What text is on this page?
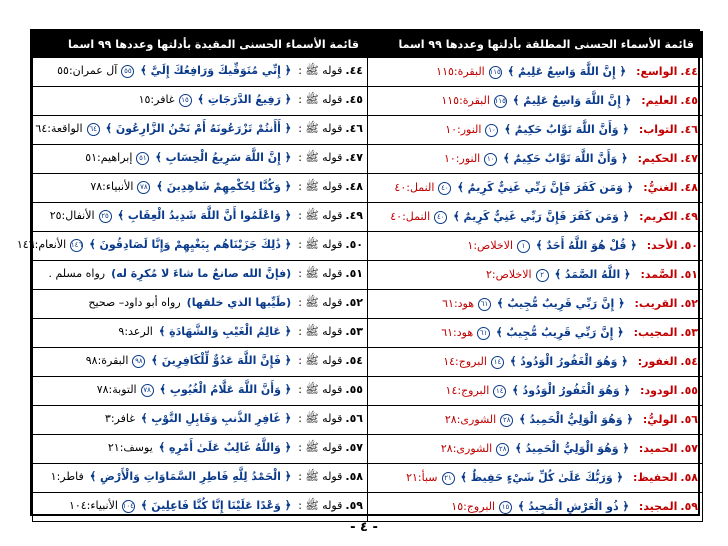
قائمة الأسماء الحسنى المطلقة بأدلتها وعددها ٩٩ اسما	قائمة الأسماء الحسنى المقيدة بأدلتها وعددها ٩٩ اسما
٤٤.الواسع:﴿ إِنَّ اللَّهَ وَاسِعٌ عَلِيمٌ ﴾١١٥البقرة:١١٥	٤٤.قوله ﷺ :﴿ إِنِّي مُتَوَفِّيكَ وَرَافِعُكَ إِلَيَّ ﴾٥٥آل عمران:٥٥
٤٥.العليم:﴿ إِنَّ اللَّهَ وَاسِعٌ عَلِيمٌ ﴾١١٥البقرة:١١٥	٤٥.قوله ﷺ :﴿ رَفِيعُ الدَّرَجَاتِ ﴾١٥غافر:١٥
٤٦.التواب:﴿ وَأَنَّ اللَّهَ تَوَّابٌ حَكِيمٌ ﴾١٠النور:١٠	٤٦.قوله ﷺ :﴿ أَأَنتُمْ تَزْرَعُونَهُ أَمْ نَحْنُ الزَّارِعُونَ ﴾٦٤الواقعة:٦٤
٤٧.الحكيم:﴿ وَأَنَّ اللَّهَ تَوَّابٌ حَكِيمٌ ﴾١٠النور:١٠	٤٧.قوله ﷺ :﴿ إِنَّ اللَّهَ سَرِيعُ الْحِسَابِ ﴾٥١إبراهيم:٥١
٤٨.الغنيُّ:﴿ وَمَن كَفَرَ فَإِنَّ رَبِّي غَنِيٌّ كَرِيمٌ ﴾٤٠النمل:٤٠	٤٨.قوله ﷺ :﴿ وَكُنَّا لِحُكْمِهِمْ شَاهِدِينَ ﴾٧٨الأنبياء:٧٨
٤٩.الكريم:﴿ وَمَن كَفَرَ فَإِنَّ رَبِّي غَنِيٌّ كَرِيمٌ ﴾٤٠النمل:٤٠	٤٩.قوله ﷺ :﴿ وَاعْلَمُوا أَنَّ اللَّهَ شَدِيدُ الْعِقَابِ ﴾٢٥الأنفال:٢٥
٥٠.الأحد:﴿ قُلْ هُوَ اللَّهُ أَحَدٌ ﴾١الاخلاص:١	٥٠.قوله ﷺ :﴿ ذَٰلِكَ جَزَيْنَاهُم بِبَغْيِهِمْ وَإِنَّا لَصَادِقُونَ ﴾١٤٦الأنعام:١٤٦
٥١.الصَّمد:﴿ اللَّهُ الصَّمَدُ ﴾٢الاخلاص:٢	٥١.قوله ﷺ :(فإنَّ الله صانعٌ ما شاءَ لا مُكرِهَ له)رواه مسلم .
٥٢.القريب:﴿ إِنَّ رَبِّي قَرِيبٌ مُّجِيبٌ ﴾٦١هود:٦١	٥٢.قوله ﷺ :(طَيِّبها الذي خلقها)رواه أبو داود– صحيح
٥٣.المجيب:﴿ إِنَّ رَبِّي قَرِيبٌ مُّجِيبٌ ﴾٦١هود:٦١	٥٣.قوله ﷺ :﴿ عَالِمُ الْغَيْبِ وَالشَّهَادَةِ ﴾الرعد:٩
٥٤.الغفور:﴿ وَهُوَ الْغَفُورُ الْوَدُودُ ﴾١٤البروج:١٤	٥٤.قوله ﷺ :﴿ فَإِنَّ اللَّهَ عَدُوٌّ لِّلْكَافِرِينَ ﴾٩٨البقرة:٩٨
٥٥.الودود:﴿ وَهُوَ الْغَفُورُ الْوَدُودُ ﴾١٤البروج:١٤	٥٥.قوله ﷺ :﴿ وَأَنَّ اللَّهَ عَلَّامُ الْغُيُوبِ ﴾٧٨التوبة:٧٨
٥٦.الوليُّ:﴿ وَهُوَ الْوَلِيُّ الْحَمِيدُ ﴾٢٨الشورى:٢٨	٥٦.قوله ﷺ :﴿ غَافِرِ الذَّنبِ وَقَابِلِ التَّوْبِ ﴾غافر:٣
٥٧.الحميد:﴿ وَهُوَ الْوَلِيُّ الْحَمِيدُ ﴾٢٨الشورى:٢٨	٥٧.قوله ﷺ :﴿ وَاللَّهُ غَالِبٌ عَلَىٰ أَمْرِهِ ﴾يوسف:٢١
٥٨.الحفيظ:﴿ وَرَبُّكَ عَلَىٰ كُلِّ شَيْءٍ حَفِيظٌ ﴾٢١سبأ:٢١	٥٨.قوله ﷺ :﴿ الْحَمْدُ لِلَّهِ فَاطِرِ السَّمَاوَاتِ وَالْأَرْضِ ﴾فاطر:١
٥٩.المجيد:﴿ ذُو الْعَرْشِ الْمَجِيدُ ﴾١٥البروج:١٥	٥٩.قوله ﷺ :﴿ وَعْدًا عَلَيْنَا إِنَّا كُنَّا فَاعِلِينَ ﴾١٠٤الأنبياء:١٠٤
- ٤ -
